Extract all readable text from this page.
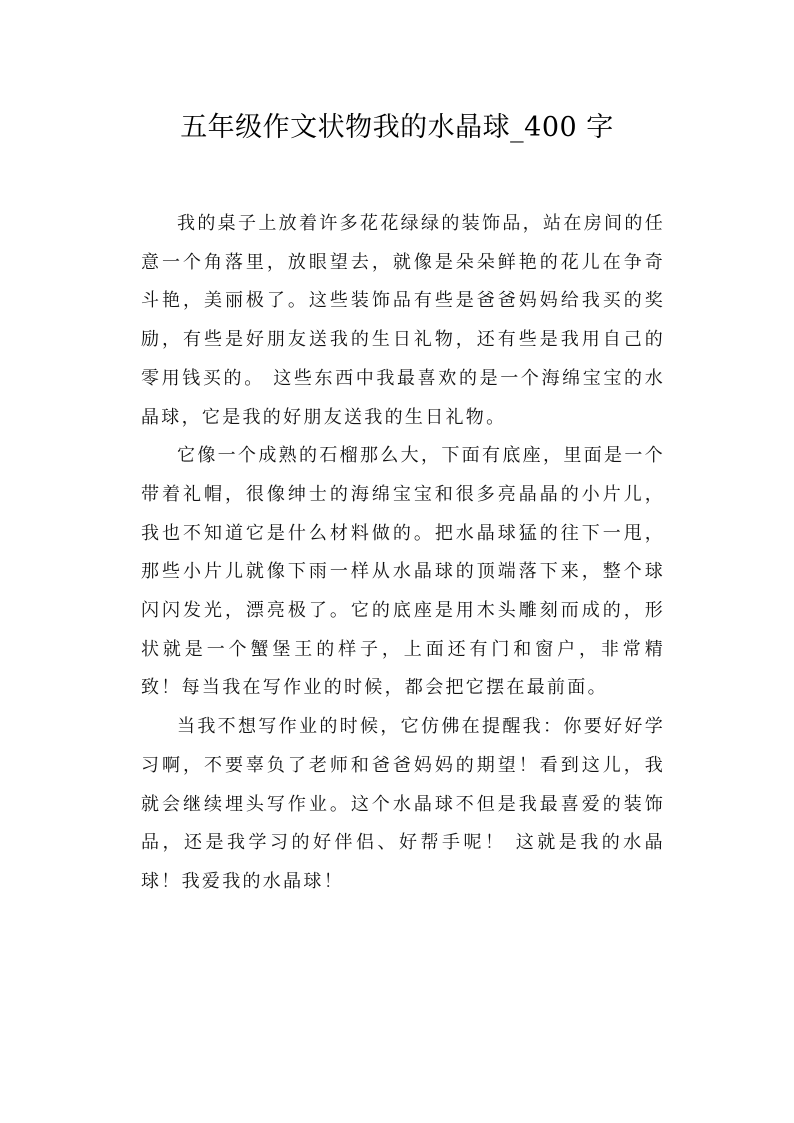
五年级作文状物我的水晶球_400 字

我的桌子上放着许多花花绿绿的装饰品，站在房间的任意一个角落里，放眼望去，就像是朵朵鲜艳的花儿在争奇斗艳，美丽极了。这些装饰品有些是爸爸妈妈给我买的奖励，有些是好朋友送我的生日礼物，还有些是我用自己的零用钱买的。 这些东西中我最喜欢的是一个海绵宝宝的水晶球，它是我的好朋友送我的生日礼物。

它像一个成熟的石榴那么大，下面有底座，里面是一个带着礼帽，很像绅士的海绵宝宝和很多亮晶晶的小片儿，我也不知道它是什么材料做的。把水晶球猛的往下一甩，那些小片儿就像下雨一样从水晶球的顶端落下来，整个球闪闪发光，漂亮极了。它的底座是用木头雕刻而成的，形状就是一个蟹堡王的样子，上面还有门和窗户，非常精致！每当我在写作业的时候，都会把它摆在最前面。

当我不想写作业的时候，它仿佛在提醒我：你要好好学习啊，不要辜负了老师和爸爸妈妈的期望！看到这儿，我就会继续埋头写作业。这个水晶球不但是我最喜爱的装饰品，还是我学习的好伴侣、好帮手呢！ 这就是我的水晶球！我爱我的水晶球！
